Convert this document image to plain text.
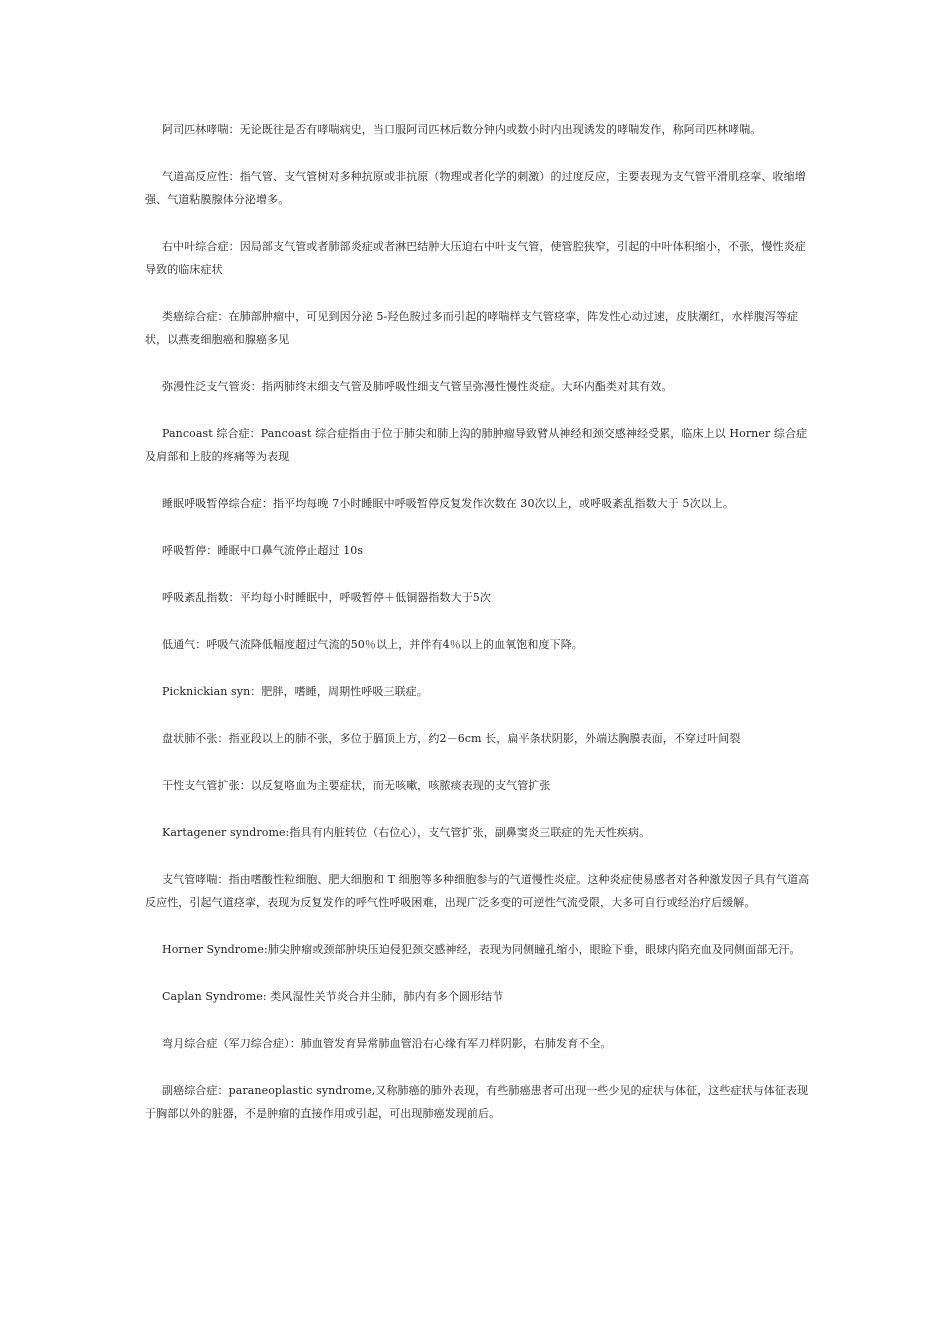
阿司匹林哮喘：无论既往是否有哮喘病史，当口服阿司匹林后数分钟内或数小时内出现诱发的哮喘发作，称阿司匹林哮喘。

气道高反应性：指气管、支气管树对多种抗原或非抗原（物理或者化学的刺激）的过度反应，主要表现为支气管平滑肌痉挛、收缩增强、气道粘膜腺体分泌增多。

右中叶综合症：因局部支气管或者肺部炎症或者淋巴结肿大压迫右中叶支气管，使管腔狭窄，引起的中叶体积缩小，不张，慢性炎症导致的临床症状

类癌综合症：在肺部肿瘤中，可见到因分泌 5-羟色胺过多而引起的哮喘样支气管痉挛，阵发性心动过速，皮肤潮红，水样腹泻等症状，以燕麦细胞癌和腺癌多见

弥漫性泛支气管炎：指两肺终末细支气管及肺呼吸性细支气管呈弥漫性慢性炎症。大环内酯类对其有效。

Pancoast 综合症：Pancoast 综合症指由于位于肺尖和肺上沟的肺肿瘤导致臂从神经和颈交感神经受累，临床上以 Horner 综合症及肩部和上肢的疼痛等为表现

睡眠呼吸暂停综合症：指平均每晚 7小时睡眠中呼吸暂停反复发作次数在 30次以上，或呼吸紊乱指数大于 5次以上。

呼吸暂停：睡眠中口鼻气流停止超过 10s

呼吸紊乱指数：平均每小时睡眠中，呼吸暂停＋低铜器指数大于5次

低通气：呼吸气流降低幅度超过气流的50％以上，并伴有4％以上的血氧饱和度下降。

Picknickian syn：肥胖，嗜睡，周期性呼吸三联症。

盘状肺不张：指亚段以上的肺不张，多位于膈顶上方，约2－6cm 长，扁平条状阴影，外端达胸膜表面，不穿过叶间裂

干性支气管扩张：以反复咯血为主要症状，而无咳嗽，咳脓痰表现的支气管扩张

Kartagener syndrome:指具有内脏转位（右位心），支气管扩张，副鼻窦炎三联症的先天性疾病。

支气管哮喘：指由嗜酸性粒细胞、肥大细胞和 T 细胞等多种细胞参与的气道慢性炎症。这种炎症使易感者对各种激发因子具有气道高反应性，引起气道痉挛，表现为反复发作的呼气性呼吸困难，出现广泛多变的可逆性气流受限，大多可自行或经治疗后缓解。

Horner Syndrome:肺尖肿瘤或颈部肿块压迫侵犯颈交感神经，表现为同侧瞳孔缩小，眼睑下垂，眼球内陷充血及同侧面部无汗。

Caplan Syndrome: 类风湿性关节炎合并尘肺，肺内有多个圆形结节

弯月综合症（军刀综合症）：肺血管发育异常肺血管沿右心缘有军刀样阴影，右肺发育不全。

副癌综合症：paraneoplastic syndrome,又称肺癌的肺外表现，有些肺癌患者可出现一些少见的症状与体征，这些症状与体征表现于胸部以外的脏器，不是肿瘤的直接作用或引起，可出现肺癌发现前后。
